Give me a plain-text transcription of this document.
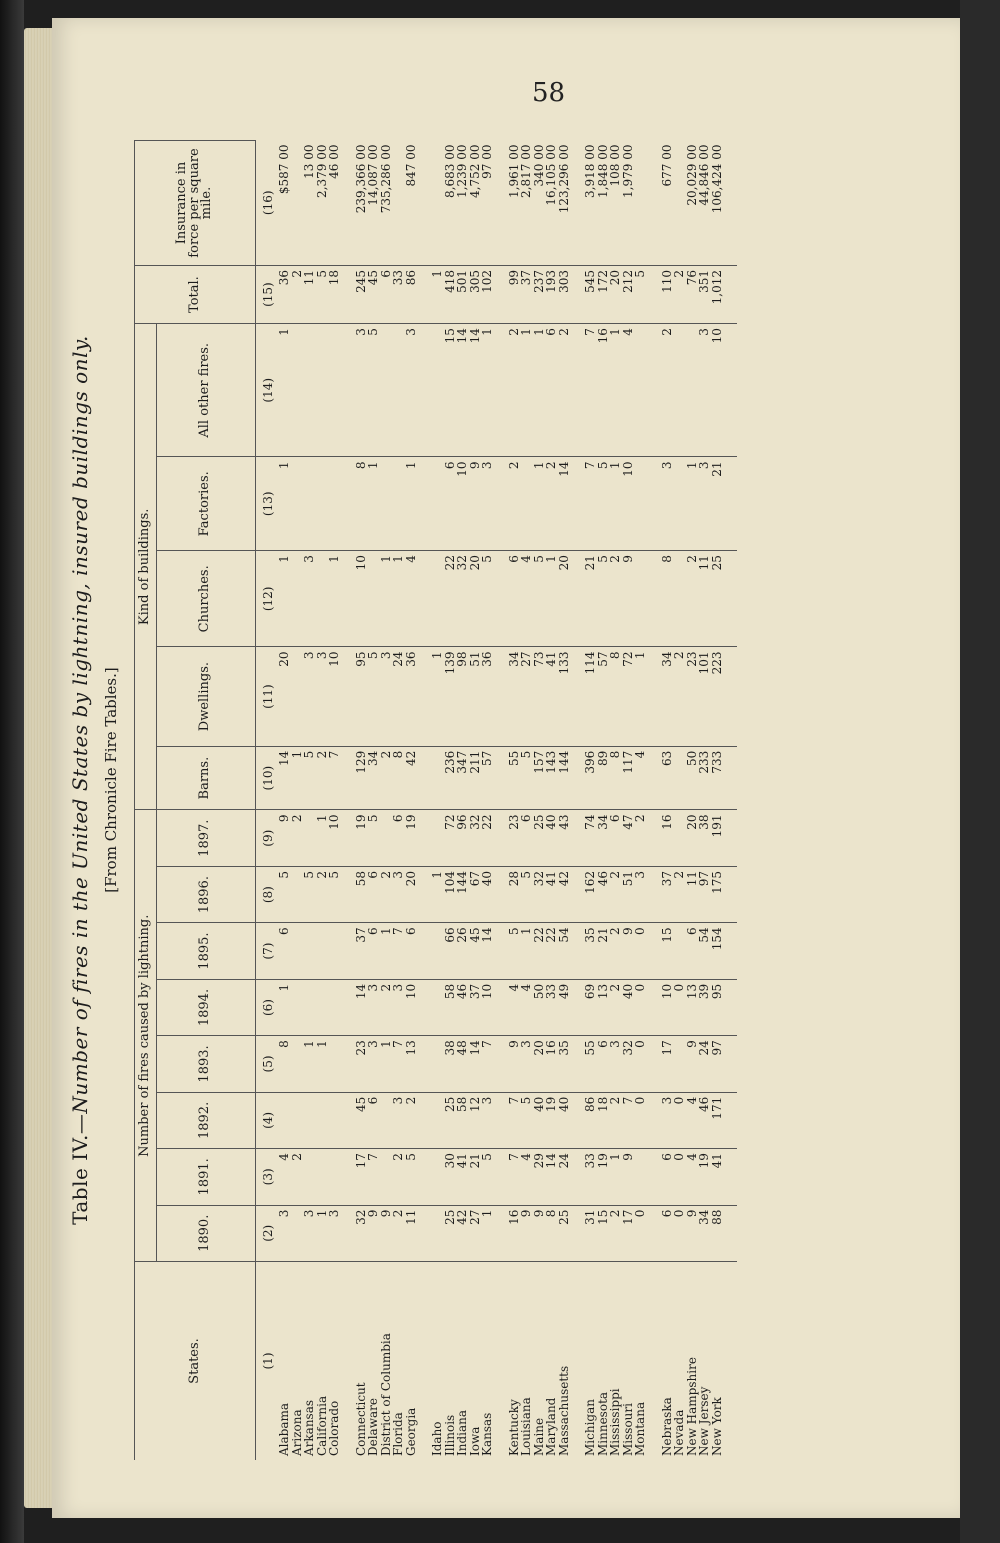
58
Table IV.—Number of fires in the United States by lightning, insured buildings only. [From Chronicle Fire Tables.]
States.	Number of fires caused by lightning.								Kind of buildings.					Total.	Insurance in force per square mile.
	1890.	1891.	1892.	1893.	1894.	1895.	1896.	1897.	Barns.	Dwellings.	Churches.	Factories.	All other fires.		
(1)	(2)	(3)	(4)	(5)	(6)	(7)	(8)	(9)	(10)	(11)	(12)	(13)	(14)	(15)	(16)
Alabama	3	4		8	1	6	5	9	14	20	1	1	1	36	$587 00
Arizona		2						2	1					2	
Arkansas	3			1			5		5	3	3			11	13 00
California	1			1			2	1	2	3				5	2,379 00
Colorado	3						5	10	7	10	1			18	46 00
Connecticut	32	17	45	23	14	37	58	19	129	95	10	8	3	245	239,366 00
Delaware	9	7	6	3	3	6	6	5	34	5		1	5	45	14,087 00
District of Columbia	9			1	2	1	2		2	3	1			6	735,286 00
Florida	2	2	3	7	3	7	3	6	8	24	1			33	
Georgia	11	5	2	13	10	6	20	19	42	36	4	1	3	86	847 00
Idaho							1			1				1	
Illinois	25	30	25	38	58	66	104	72	236	139	22	6	15	418	8,683 00
Indiana	42	41	58	48	46	26	144	96	347	98	32	10	14	501	1,239 00
Iowa	27	21	12	14	37	45	67	32	211	51	20	9	14	305	4,752 00
Kansas	1	5	3	7	10	14	40	22	57	36	5	3	1	102	97 00
Kentucky	16	7	7	9	4	5	28	23	55	34	6	2	2	99	1,961 00
Louisiana	9	4	5	3	4	1	5	6	5	27	4		1	37	2,817 00
Maine	9	29	40	20	50	22	32	25	157	73	5	1	1	237	340 00
Maryland	8	14	19	16	33	22	41	40	143	41	1	2	6	193	16,105 00
Massachusetts	25	24	40	35	49	54	42	43	144	133	20	14	2	303	123,296 00
Michigan	31	33	86	55	69	35	162	74	396	114	21	7	7	545	3,918 00
Minnesota	15	19	18	6	13	21	46	34	89	57	5	5	16	172	1,848 00
Mississippi	2	1	2	3	2	2	2	6	8	8	2	1	1	20	108 00
Missouri	17	9	7	32	40	9	51	47	117	72	9	10	4	212	1,979 00
Montana	0		0	0	0	0	3	2	4	1				5	
Nebraska	6	6	3	17	10	15	37	16	63	34	8	3	2	110	677 00
Nevada	0	0	0		0		2			2				2	
New Hampshire	9	4	4	9	13	6	11	20	50	23	2	1		76	20,029 00
New Jersey	34	19	46	24	39	54	97	38	233	101	11	3	3	351	44,846 00
New York	88	41	171	97	95	154	175	191	733	223	25	21	10	1,012	106,424 00
